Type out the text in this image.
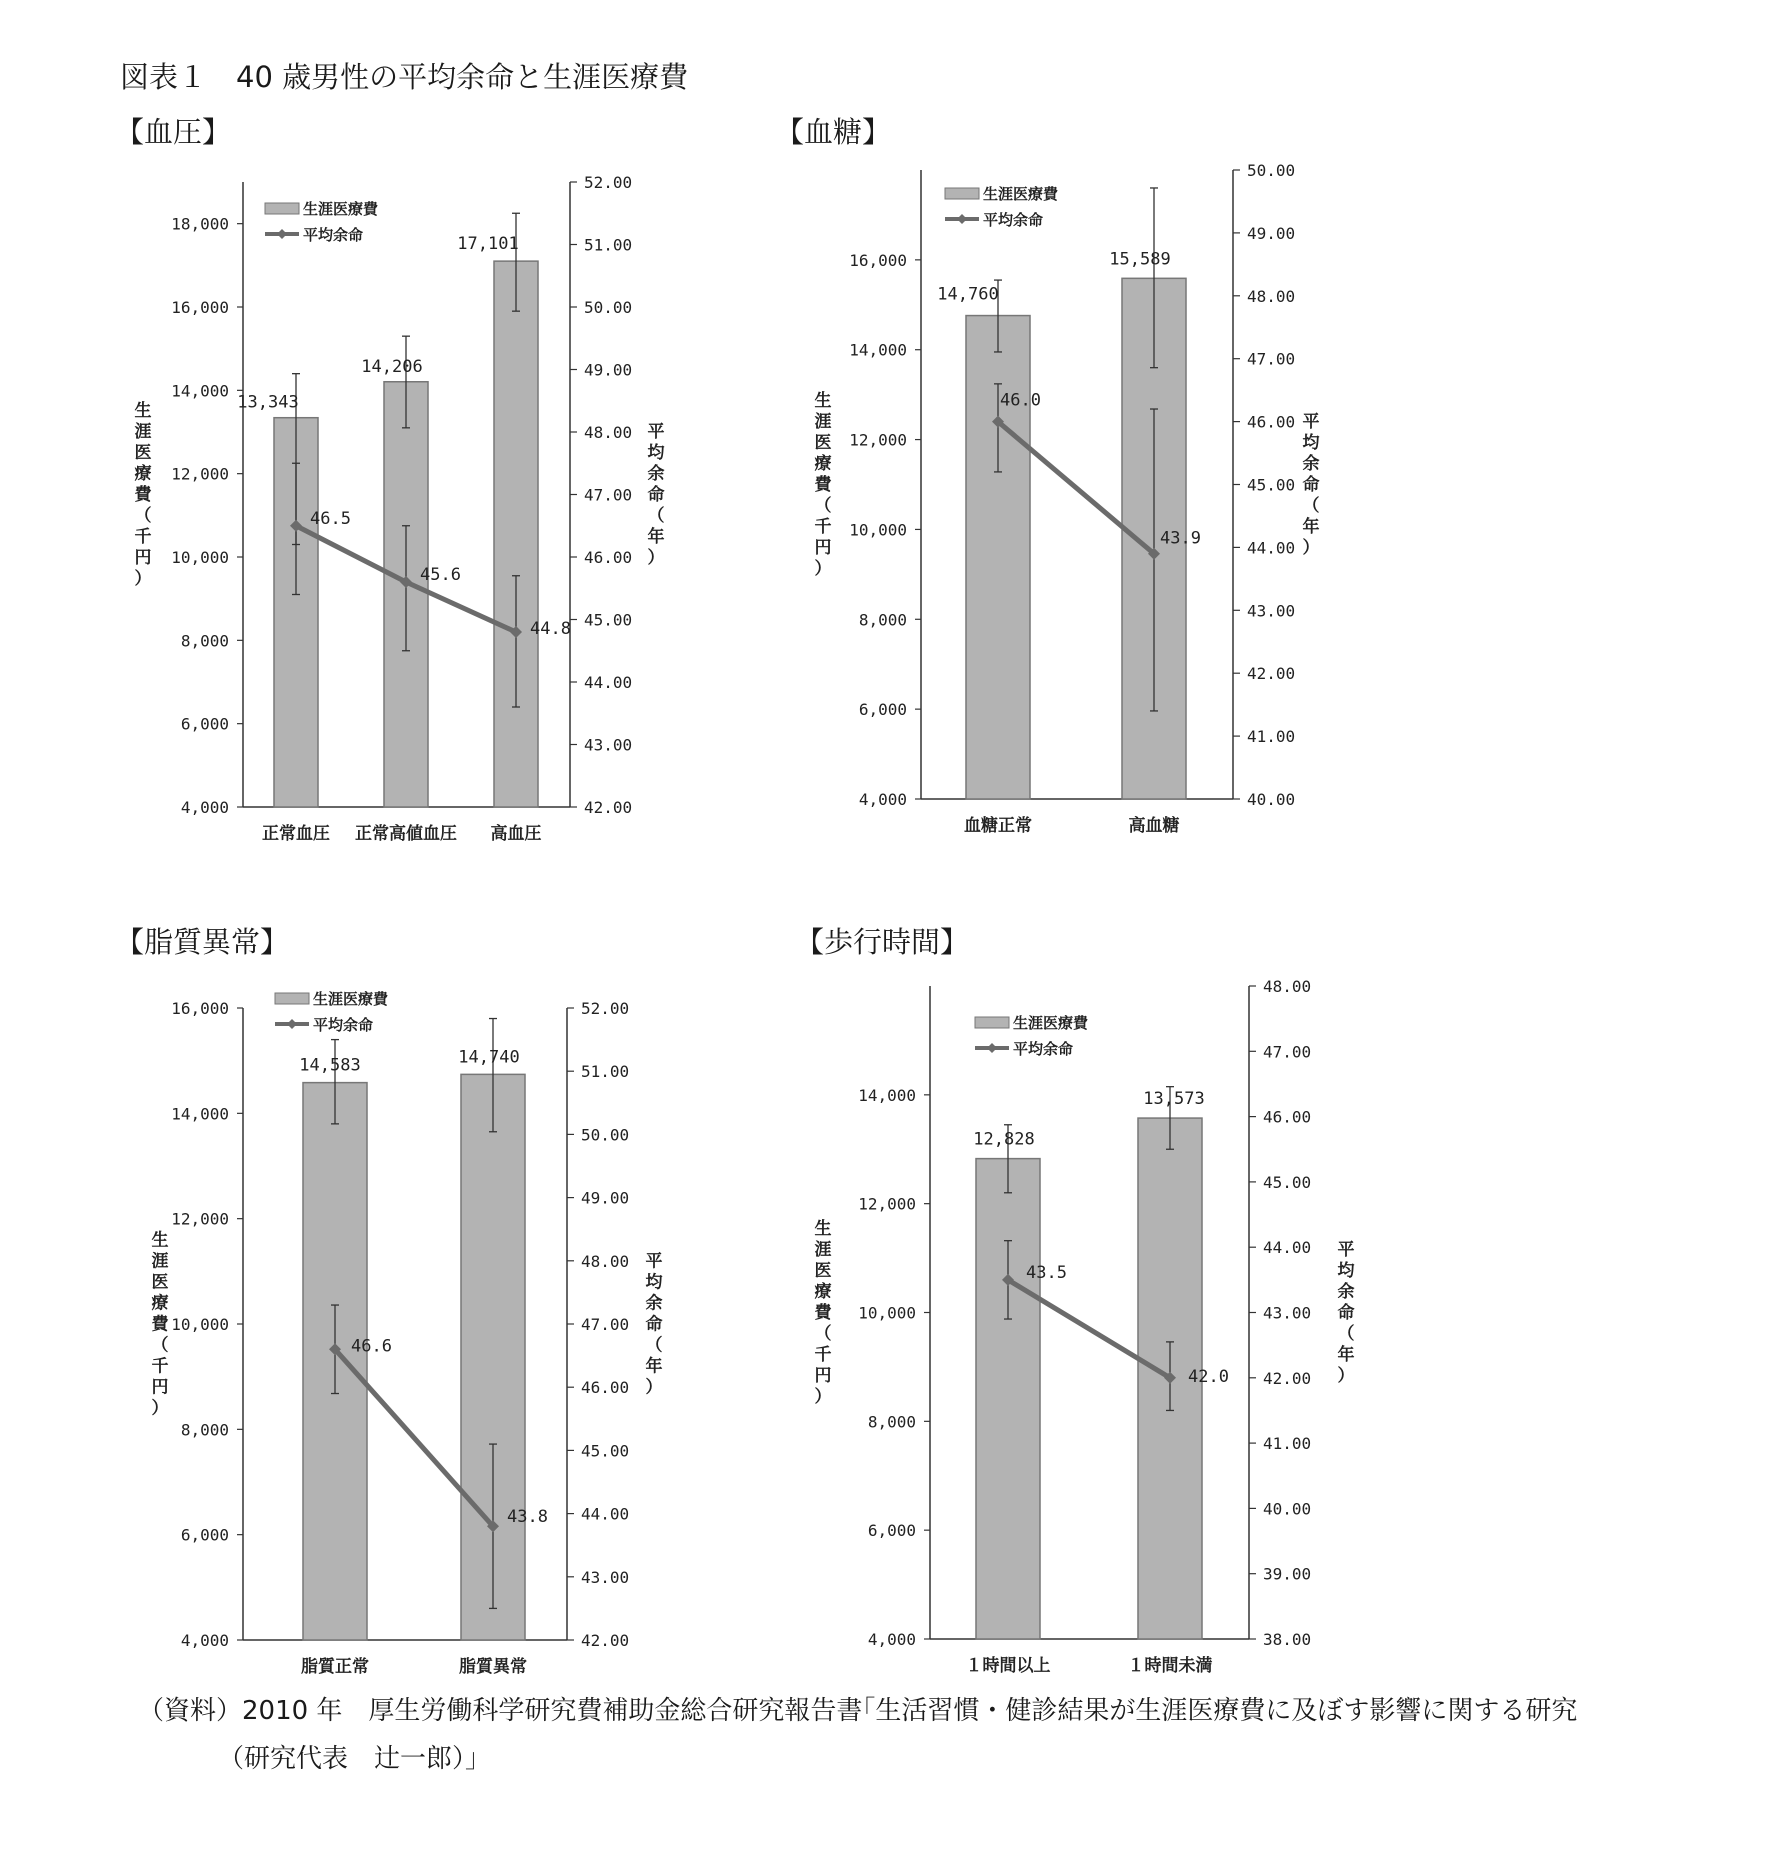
図表１　40 歳男性の平均余命と生涯医療費
【血圧】	【血糖】
【脂質異常】	【歩行時間】
4,000
6,000
8,000
10,000
12,000
14,000
16,000
18,000
42.00
43.00
44.00
45.00
46.00
47.00
48.00
49.00
50.00
51.00
52.00
生
涯
医
療
費
（
千
円
）
平
均
余
命
（
年
）
13,343
正常血圧
14,206
正常高値血圧
17,101
高血圧
46.5
45.6
44.8
生涯医療費
平均余命
4,000
6,000
8,000
10,000
12,000
14,000
16,000
40.00
41.00
42.00
43.00
44.00
45.00
46.00
47.00
48.00
49.00
50.00
生
涯
医
療
費
（
千
円
）
平
均
余
命
（
年
）
14,760
血糖正常
15,589
高血糖
46.0
43.9
生涯医療費
平均余命
4,000
6,000
8,000
10,000
12,000
14,000
16,000
42.00
43.00
44.00
45.00
46.00
47.00
48.00
49.00
50.00
51.00
52.00
生
涯
医
療
費
（
千
円
）
平
均
余
命
（
年
）
14,583
脂質正常
14,740
脂質異常
46.6
43.8
生涯医療費
平均余命
4,000
6,000
8,000
10,000
12,000
14,000
38.00
39.00
40.00
41.00
42.00
43.00
44.00
45.00
46.00
47.00
48.00
生
涯
医
療
費
（
千
円
）
平
均
余
命
（
年
）
12,828
１時間以上
13,573
１時間未満
43.5
42.0
生涯医療費
平均余命
（資料）2010 年　厚生労働科学研究費補助金総合研究報告書｢生活習慣・健診結果が生涯医療費に及ぼす影響に関する研究
（研究代表　辻一郎）」
